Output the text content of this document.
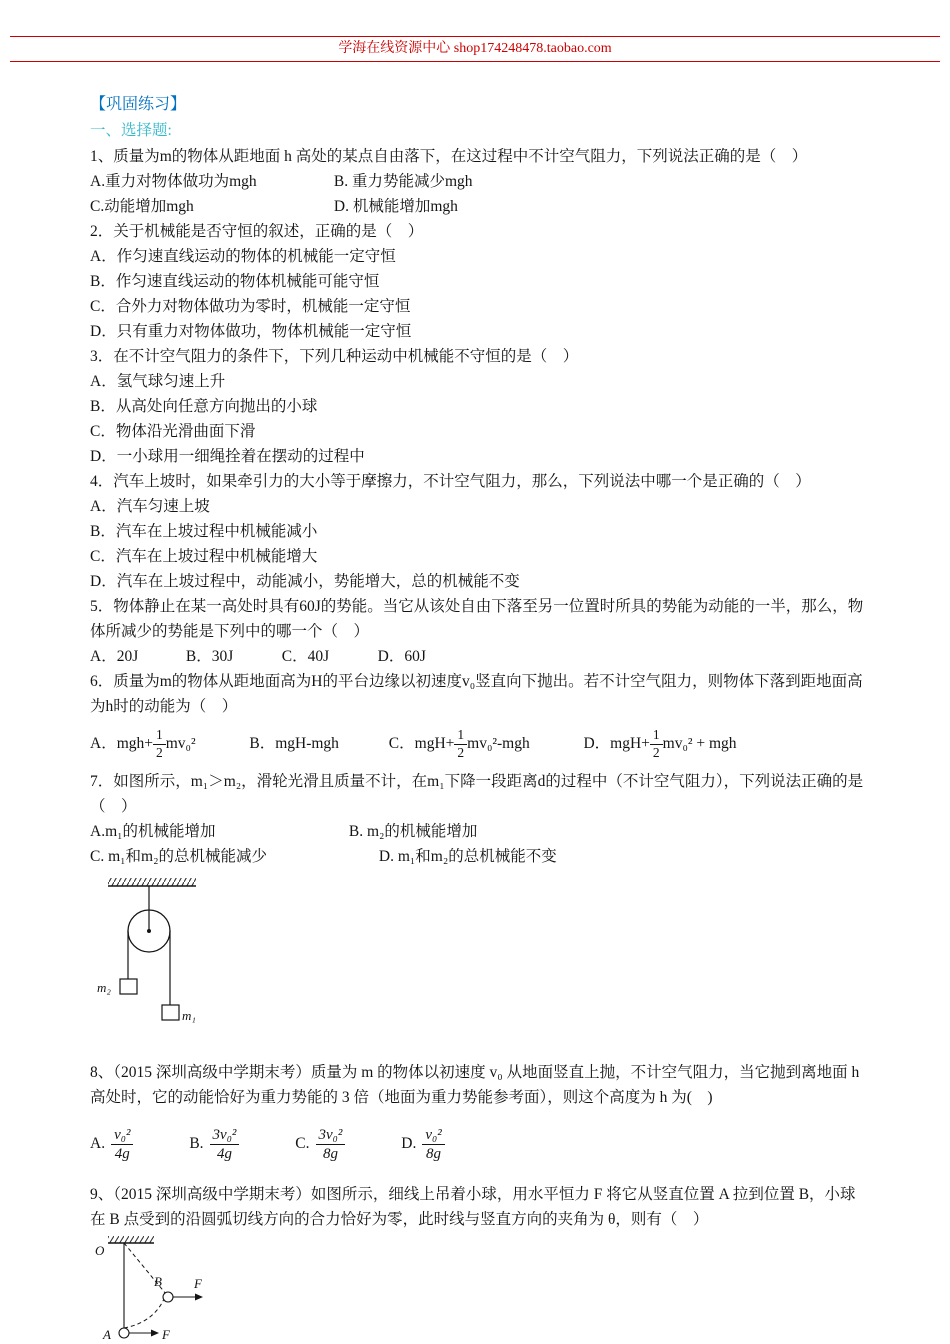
学海在线资源中心 shop174248478.taobao.com

【巩固练习】

一、选择题:

1、质量为m的物体从距地面 h 高处的某点自由落下，在这过程中不计空气阻力，下列说法正确的是（　）

A.重力对物体做功为mgh	B. 重力势能减少mgh

C.动能增加mgh	D. 机械能增加mgh

2．关于机械能是否守恒的叙述，正确的是（　）

A．作匀速直线运动的物体的机械能一定守恒

B．作匀速直线运动的物体机械能可能守恒

C．合外力对物体做功为零时，机械能一定守恒

D．只有重力对物体做功，物体机械能一定守恒

3．在不计空气阻力的条件下，下列几种运动中机械能不守恒的是（　）

A．氢气球匀速上升

B．从高处向任意方向抛出的小球

C．物体沿光滑曲面下滑

D．一小球用一细绳拴着在摆动的过程中

4．汽车上坡时，如果牵引力的大小等于摩擦力，不计空气阻力，那么，下列说法中哪一个是正确的（　）

A．汽车匀速上坡

B．汽车在上坡过程中机械能减小

C．汽车在上坡过程中机械能增大

D．汽车在上坡过程中，动能减小，势能增大，总的机械能不变

5．物体静止在某一高处时具有60J的势能。当它从该处自由下落至另一位置时所具的势能为动能的一半，那么，物体所减少的势能是下列中的哪一个（　）

A．20J	B．30J	C．40J	D．60J

6．质量为m的物体从距地面高为H的平台边缘以初速度v₀竖直向下抛出。若不计空气阻力，则物体下落到距地面高为h时的动能为（　）

A．$mgh+ \frac{1}{2} mv_0^2$	B．mgH-mgh	C．$mgH+ \frac{1}{2} mv_0^2-mgh$	D．$mgH+ \frac{1}{2} mv_0^2$ + mgh

7．如图所示，m₁＞m₂，滑轮光滑且质量不计，在m₁下降一段距离d的过程中（不计空气阻力），下列说法正确的是（　）

A.m₁的机械能增加	B. m₂的机械能增加

C. m₁和m₂的总机械能减少	D. m₁和m₂的总机械能不变

m₂
m₁

8、（2015 深圳高级中学期末考）质量为 m 的物体以初速度 v₀ 从地面竖直上抛，不计空气阻力，当它抛到离地面 h 高处时，它的动能恰好为重力势能的 3 倍（地面为重力势能参考面），则这个高度为 h 为(　)

A. $\frac{\text{v₀²}}{4g}$	B. $\frac{\text{3v₀²}}{4g}$	C. $\frac{\text{3v₀²}}{8g}$	D. $\frac{\text{v₀²}}{8g}$

9、（2015 深圳高级中学期末考）如图所示，细线上吊着小球，用水平恒力 F 将它从竖直位置 A 拉到位置 B，小球在 B 点受到的沿圆弧切线方向的合力恰好为零，此时线与竖直方向的夹角为 θ，则有（　）

O
B F
A	F
